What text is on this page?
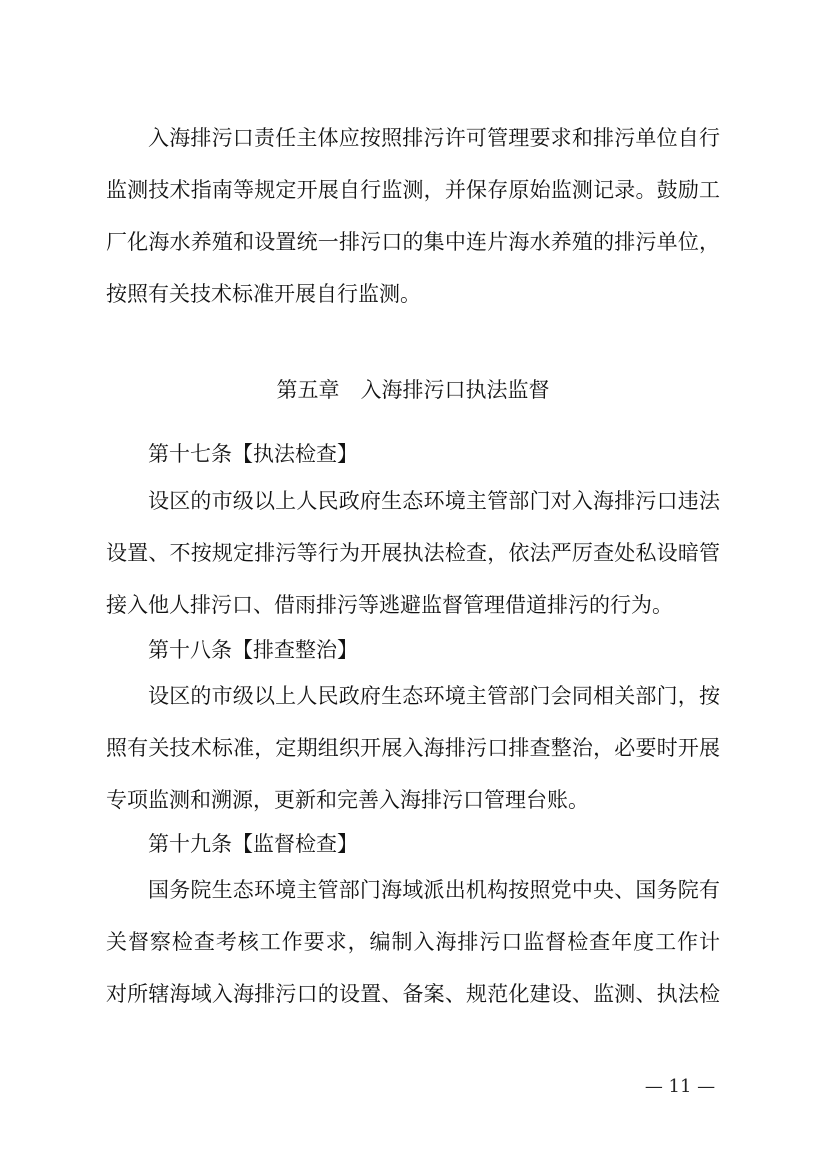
入海排污口责任主体应按照排污许可管理要求和排污单位自行
监测技术指南等规定开展自行监测，并保存原始监测记录。鼓励工
厂化海水养殖和设置统一排污口的集中连片海水养殖的排污单位，
按照有关技术标准开展自行监测。
第五章　入海排污口执法监督
第十七条【执法检查】
设区的市级以上人民政府生态环境主管部门对入海排污口违法
设置、不按规定排污等行为开展执法检查，依法严厉查处私设暗管
接入他人排污口、借雨排污等逃避监督管理借道排污的行为。
第十八条【排查整治】
设区的市级以上人民政府生态环境主管部门会同相关部门，按
照有关技术标准，定期组织开展入海排污口排查整治，必要时开展
专项监测和溯源，更新和完善入海排污口管理台账。
第十九条【监督检查】
国务院生态环境主管部门海域派出机构按照党中央、国务院有
关督察检查考核工作要求，编制入海排污口监督检查年度工作计
对所辖海域入海排污口的设置、备案、规范化建设、监测、执法检
— 11 —
